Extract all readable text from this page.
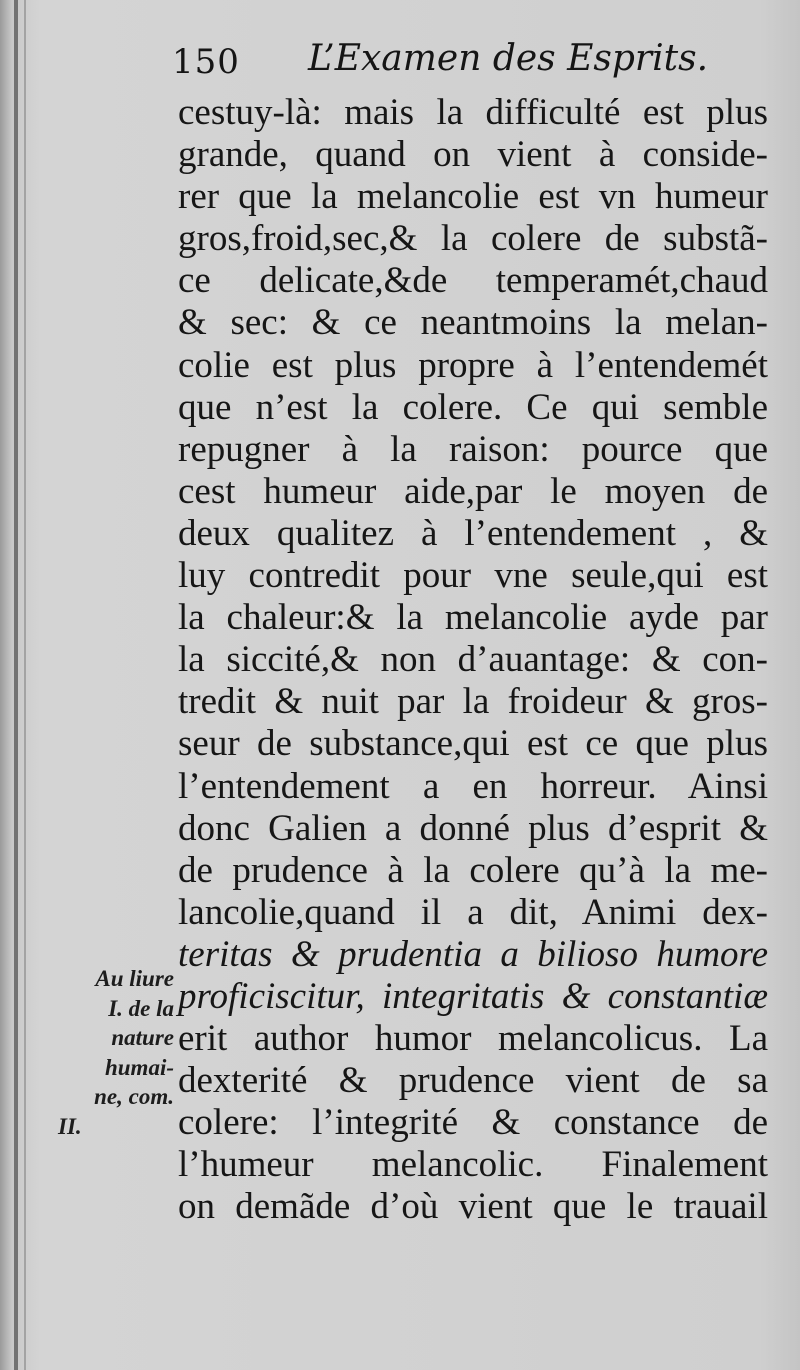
150 L’Examen des Esprits.
cestuy-là: mais la difficulté est plus
grande, quand on vient à conside-
rer que la melancolie est vn humeur
gros,froid,sec,& la colere de substã-
ce delicate,&de temperamét,chaud
& sec: & ce neantmoins la melan-
colie est plus propre à l’entendemét
que n’est la colere. Ce qui semble
repugner à la raison: pource que
cest humeur aide,par le moyen de
deux qualitez à l’entendement , &
luy contredit pour vne seule,qui est
la chaleur:& la melancolie ayde par
la siccité,& non d’auantage: & con-
tredit & nuit par la froideur & gros-
seur de substance,qui est ce que plus
l’entendement a en horreur. Ainsi
donc Galien a donné plus d’esprit &
de prudence à la colere qu’à la me-
lancolie,quand il a dit, Animi dex-
teritas & prudentia a bilioso humore
proficiscitur, integritatis & constantiæ
erit author humor melancolicus. La
dexterité & prudence vient de sa
colere: l’integrité & constance de
l’humeur melancolic. Finalement
on demãde d’où vient que le trauail
Au liure
I. de la
nature
humai-
ne, com.
II.
